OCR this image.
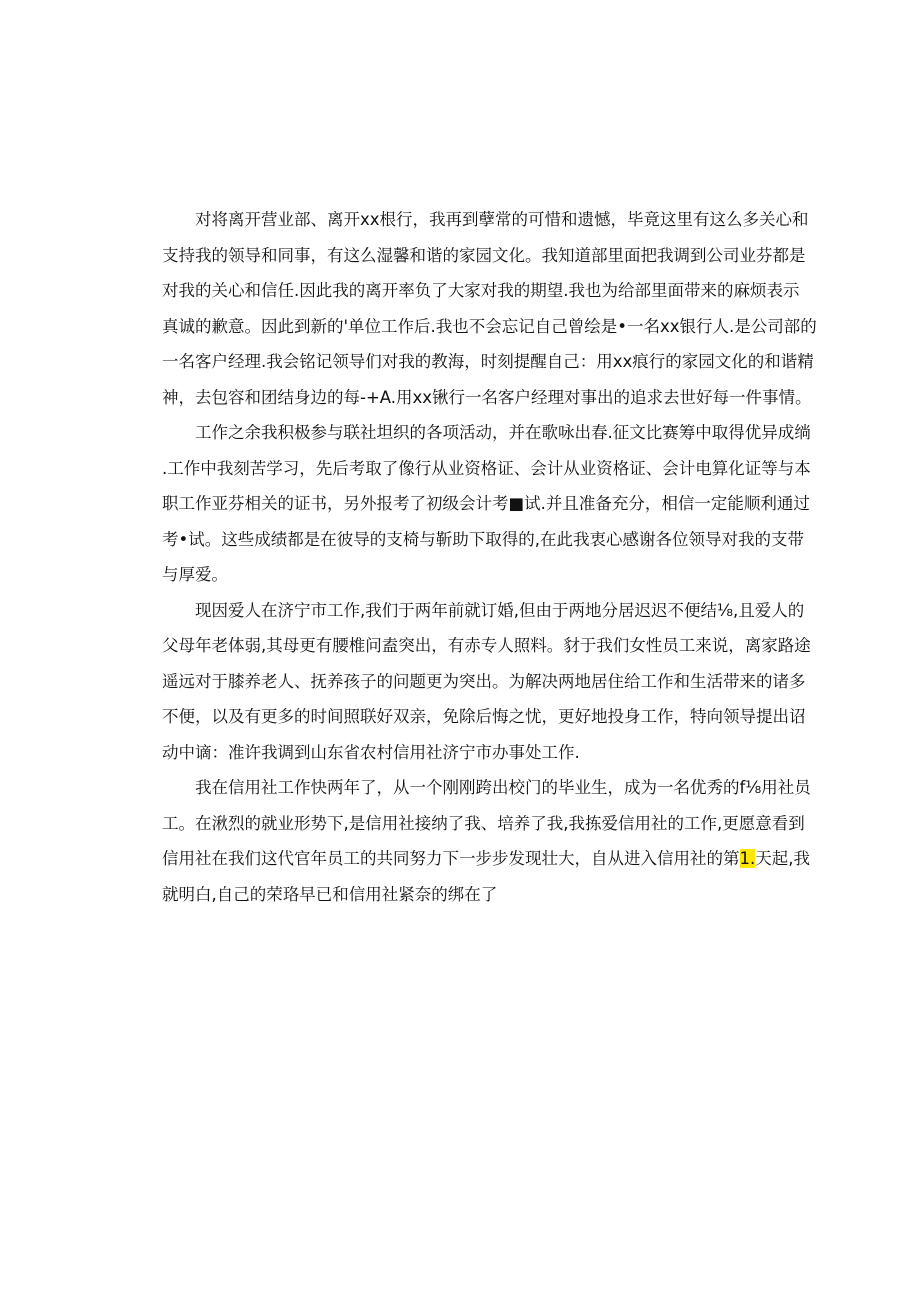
对将离开营业部、离开xx根行，我再到孽常的可惜和遗憾，毕竟这里有这么多关心和
支持我的领导和同事，有这么湿馨和谐的家园文化。我知道部里面把我调到公司业芬都是
对我的关心和信任.因此我的离开率负了大家对我的期望.我也为给部里面带来的麻烦表示
真诚的歉意。因此到新的'单位工作后.我也不会忘记自己曾绘是•一名xx银行人.是公司部的
一名客户经理.我会铭记领导们对我的教海，时刻提醒自己：用xx痕行的家园文化的和谐精
神，去包容和团结身边的每-+A.用xx锹行一名客户经理对事出的追求去世好每一件事情。
工作之余我积极参与联社坦织的各项活动，并在歌咏出春.征文比赛筹中取得优异成绱
.工作中我刻苦学习，先后考取了像行从业资格证、会计从业资格证、会计电算化证等与本
职工作亚芬相关的证书，另外报考了初级会计考■试.并且准备充分，相信一定能顺利通过
考•试。这些成绩都是在彼导的支椅与靳助下取得的,在此我衷心感谢各位领导对我的支带
与厚爱。
现因爱人在济宁市工作,我们于两年前就订婚,但由于两地分居迟迟不便结⅛,且爱人的
父母年老体弱,其母更有腰椎问盍突出，有赤专人照料。豺于我们女性员工来说，离家路途
遥远对于膝养老人、抚养孩子的问题更为突出。为解决两地居住给工作和生活带来的诸多
不便，以及有更多的时间照联好双亲，免除后悔之忧，更好地投身工作，特向领导提出诏
动中谪：准许我调到山东省农村信用社济宁市办事处工作.
我在信用社工作快两年了，从一个刚刚跨出校门的毕业生，成为一名优秀的f⅛用社员
工。在湫烈的就业形势下,是信用社接纳了我、培养了我,我拣爱信用社的工作,更愿意看到
信用社在我们这代官年员工的共同努力下一步步发现壮大，自从进入信用社的第1.天起,我
就明白,自己的荣珞早已和信用社紧奈的绑在了
